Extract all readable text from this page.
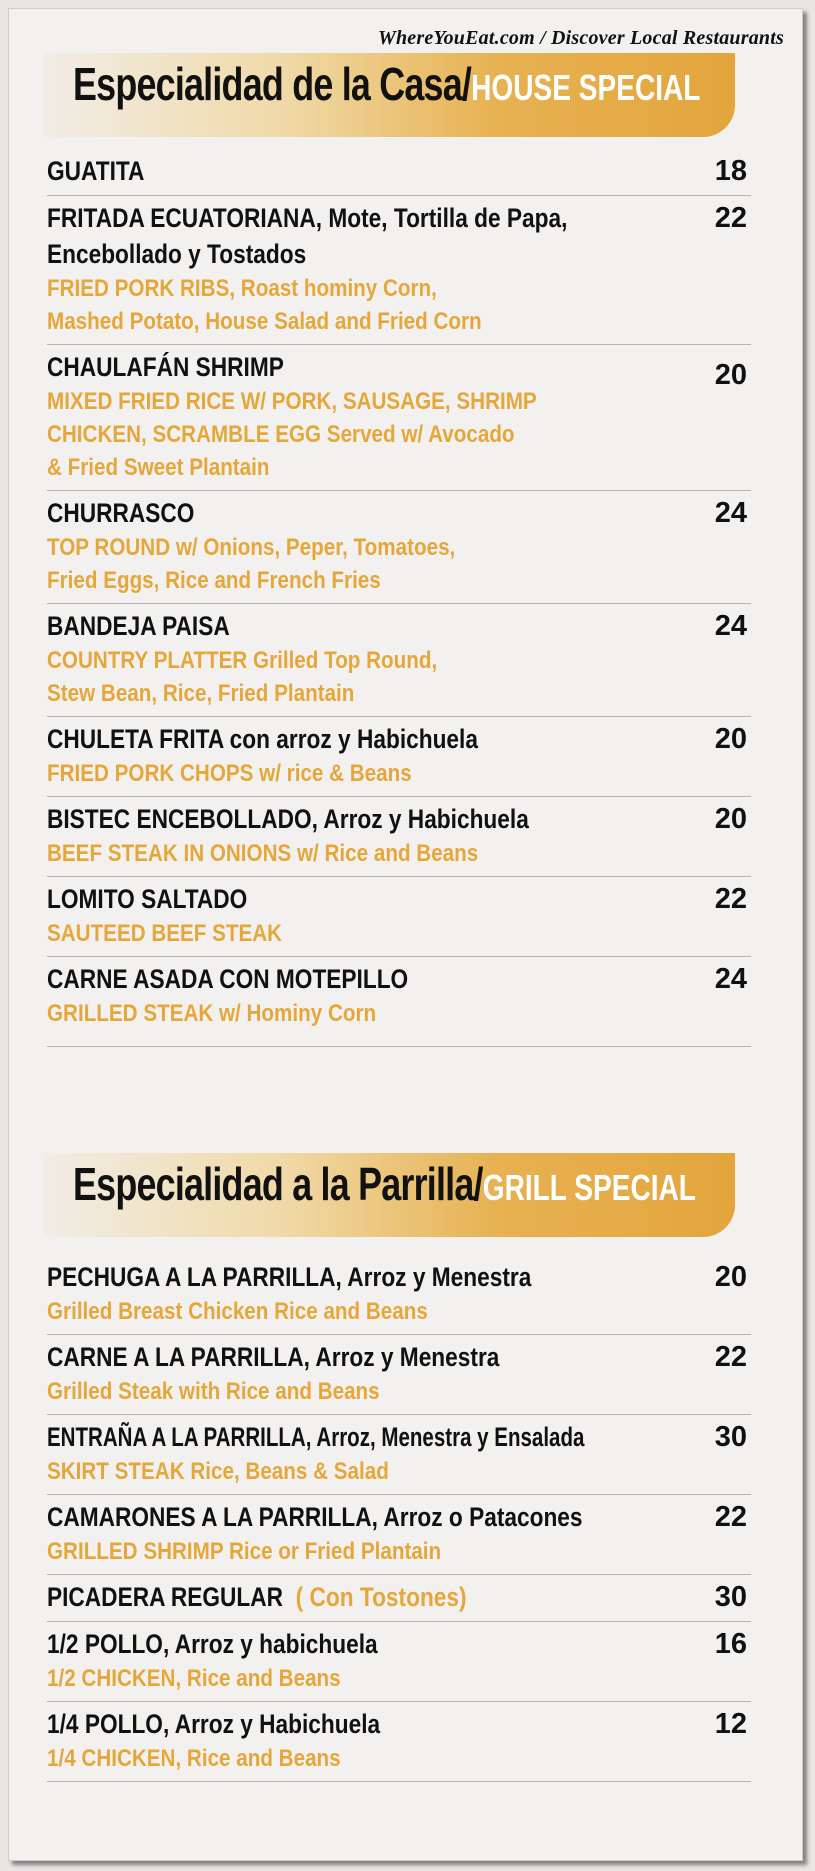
WhereYouEat.com / Discover Local Restaurants
Especialidad de la Casa/HOUSE SPECIAL
GUATITA	18
FRITADA ECUATORIANA, Mote, Tortilla de Papa,
Encebollado y Tostados
FRIED PORK RIBS, Roast hominy Corn,
Mashed Potato, House Salad and Fried Corn
22
CHAULAFÁN SHRIMP
MIXED FRIED RICE W/ PORK, SAUSAGE, SHRIMP
CHICKEN, SCRAMBLE EGG Served w/ Avocado
& Fried Sweet Plantain
20
CHURRASCO
TOP ROUND w/ Onions, Peper, Tomatoes,
Fried Eggs, Rice and French Fries
24
BANDEJA PAISA
COUNTRY PLATTER Grilled Top Round,
Stew Bean, Rice, Fried Plantain
24
CHULETA FRITA con arroz y Habichuela
FRIED PORK CHOPS w/ rice & Beans
20
BISTEC ENCEBOLLADO, Arroz y Habichuela
BEEF STEAK IN ONIONS w/ Rice and Beans
20
LOMITO SALTADO
SAUTEED BEEF STEAK
22
CARNE ASADA CON MOTEPILLO
GRILLED STEAK w/ Hominy Corn
24
Especialidad a la Parrilla/GRILL SPECIAL
PECHUGA A LA PARRILLA, Arroz y Menestra
Grilled Breast Chicken Rice and Beans
20
CARNE A LA PARRILLA, Arroz y Menestra
Grilled Steak with Rice and Beans
22
ENTRAÑA A LA PARRILLA, Arroz, Menestra y Ensalada
SKIRT STEAK Rice, Beans & Salad
30
CAMARONES A LA PARRILLA, Arroz o Patacones
GRILLED SHRIMP Rice or Fried Plantain
22
PICADERA REGULAR ( Con Tostones)	30
1/2 POLLO, Arroz y habichuela
1/2 CHICKEN, Rice and Beans
16
1/4 POLLO, Arroz y Habichuela
1/4 CHICKEN, Rice and Beans
12
